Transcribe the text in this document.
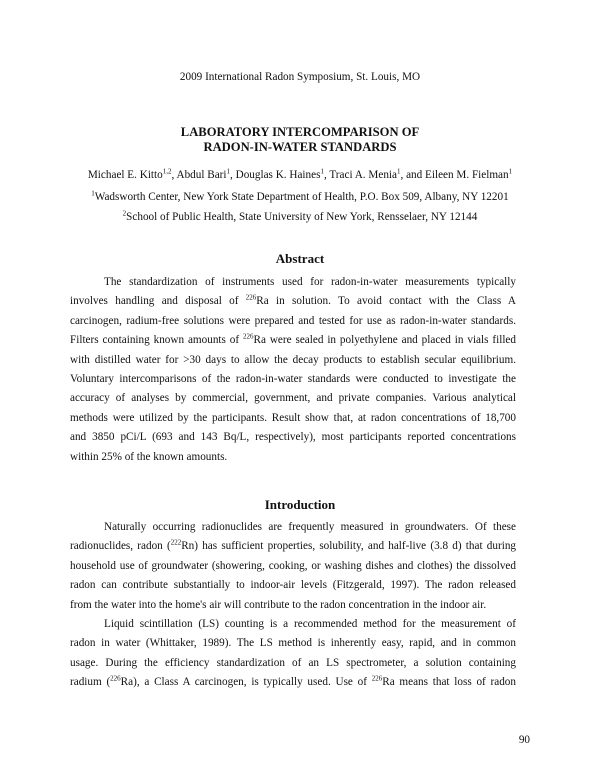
2009 International Radon Symposium, St. Louis, MO
LABORATORY INTERCOMPARISON OF
RADON-IN-WATER STANDARDS
Michael E. Kitto$^{1,2}$, Abdul Bari$^1$, Douglas K. Haines$^1$, Traci A. Menia$^1$, and Eileen M. Fielman$^1$
$^1$Wadsworth Center, New York State Department of Health, P.O. Box 509, Albany, NY 12201
$^2$School of Public Health, State University of New York, Rensselaer, NY 12144
Abstract
The standardization of instruments used for radon-in-water measurements typically
involves handling and disposal of $^{226}$Ra in solution. To avoid contact with the Class A
carcinogen, radium-free solutions were prepared and tested for use as radon-in-water standards.
Filters containing known amounts of $^{226}$Ra were sealed in polyethylene and placed in vials filled
with distilled water for >30 days to allow the decay products to establish secular equilibrium.
Voluntary intercomparisons of the radon-in-water standards were conducted to investigate the
accuracy of analyses by commercial, government, and private companies. Various analytical
methods were utilized by the participants. Result show that, at radon concentrations of 18,700
and 3850 pCi/L (693 and 143 Bq/L, respectively), most participants reported concentrations
within 25% of the known amounts.
Introduction
Naturally occurring radionuclides are frequently measured in groundwaters. Of these
radionuclides, radon ($^{222}$Rn) has sufficient properties, solubility, and half-live (3.8 d) that during
household use of groundwater (showering, cooking, or washing dishes and clothes) the dissolved
radon can contribute substantially to indoor-air levels (Fitzgerald, 1997). The radon released
from the water into the home's air will contribute to the radon concentration in the indoor air.
Liquid scintillation (LS) counting is a recommended method for the measurement of
radon in water (Whittaker, 1989). The LS method is inherently easy, rapid, and in common
usage. During the efficiency standardization of an LS spectrometer, a solution containing
radium ($^{226}$Ra), a Class A carcinogen, is typically used. Use of $^{226}$Ra means that loss of radon
90
